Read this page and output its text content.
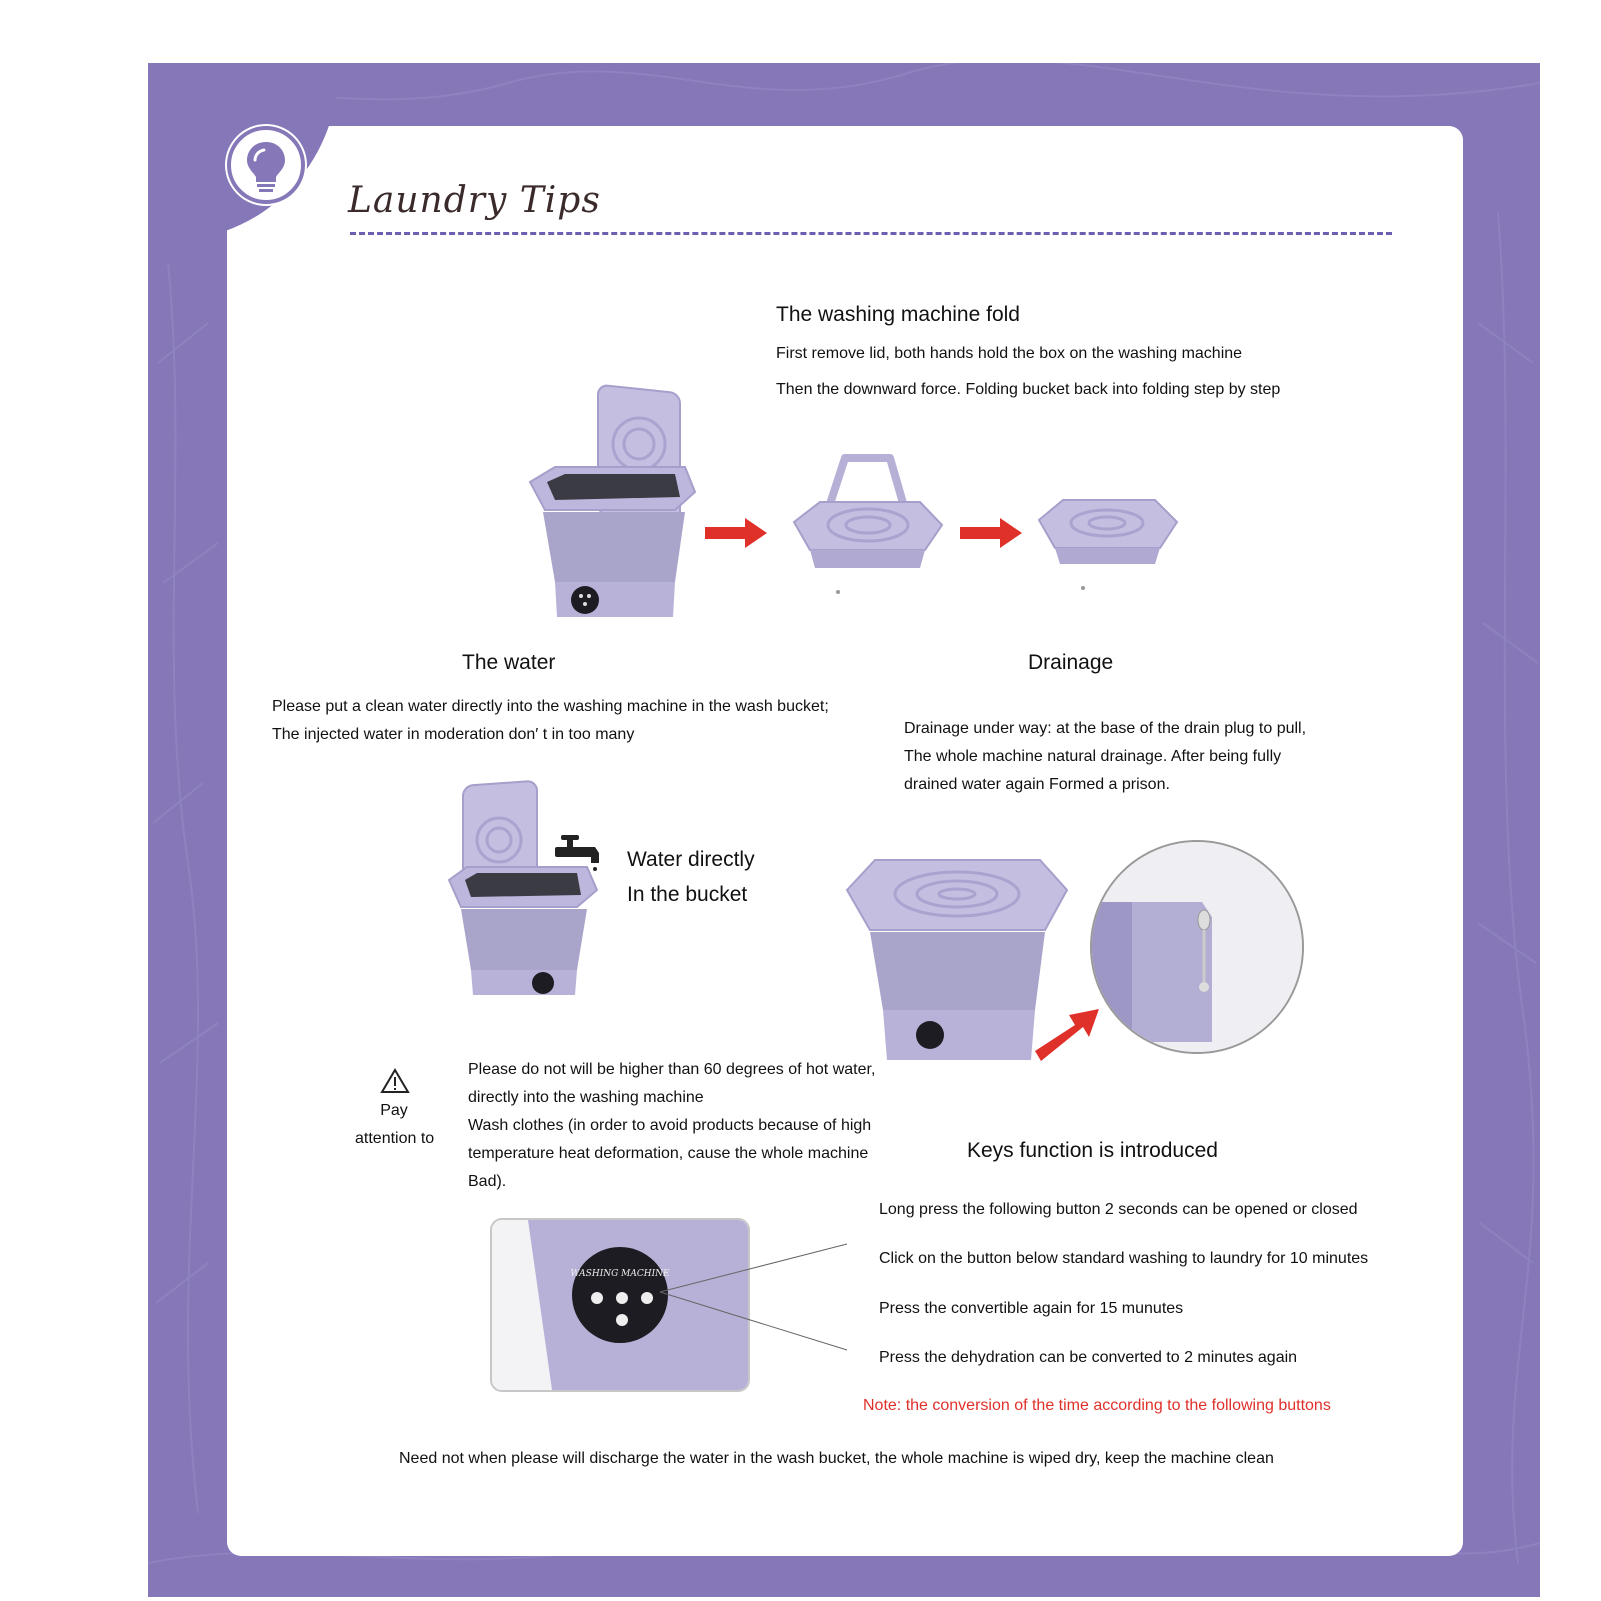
Laundry Tips
The washing machine fold
First remove lid, both hands hold the box on the washing machine
Then the downward force. Folding bucket back into folding step by step
The water
Please put a clean water directly into the washing machine in the wash bucket;
The injected water in moderation don′ t in too many
Drainage
Drainage under way: at the base of the drain plug to pull,
The whole machine natural drainage. After being fully
drained water again Formed a prison.
Water directly
In the bucket
Pay
attention to
Please do not will be higher than 60 degrees of hot water,
directly into the washing machine
Wash clothes (in order to avoid products because of high
temperature heat deformation, cause the whole machine
Bad).
Keys function is introduced
WASHING MACHINE
Long press the following button 2 seconds can be opened or closed
Click on the button below standard washing to laundry for 10 minutes
Press the convertible again for 15 munutes
Press the dehydration can be converted to 2 minutes again
Note: the conversion of the time according to the following buttons
Need not when please will discharge the water in the wash bucket, the whole machine is wiped dry, keep the machine clean
